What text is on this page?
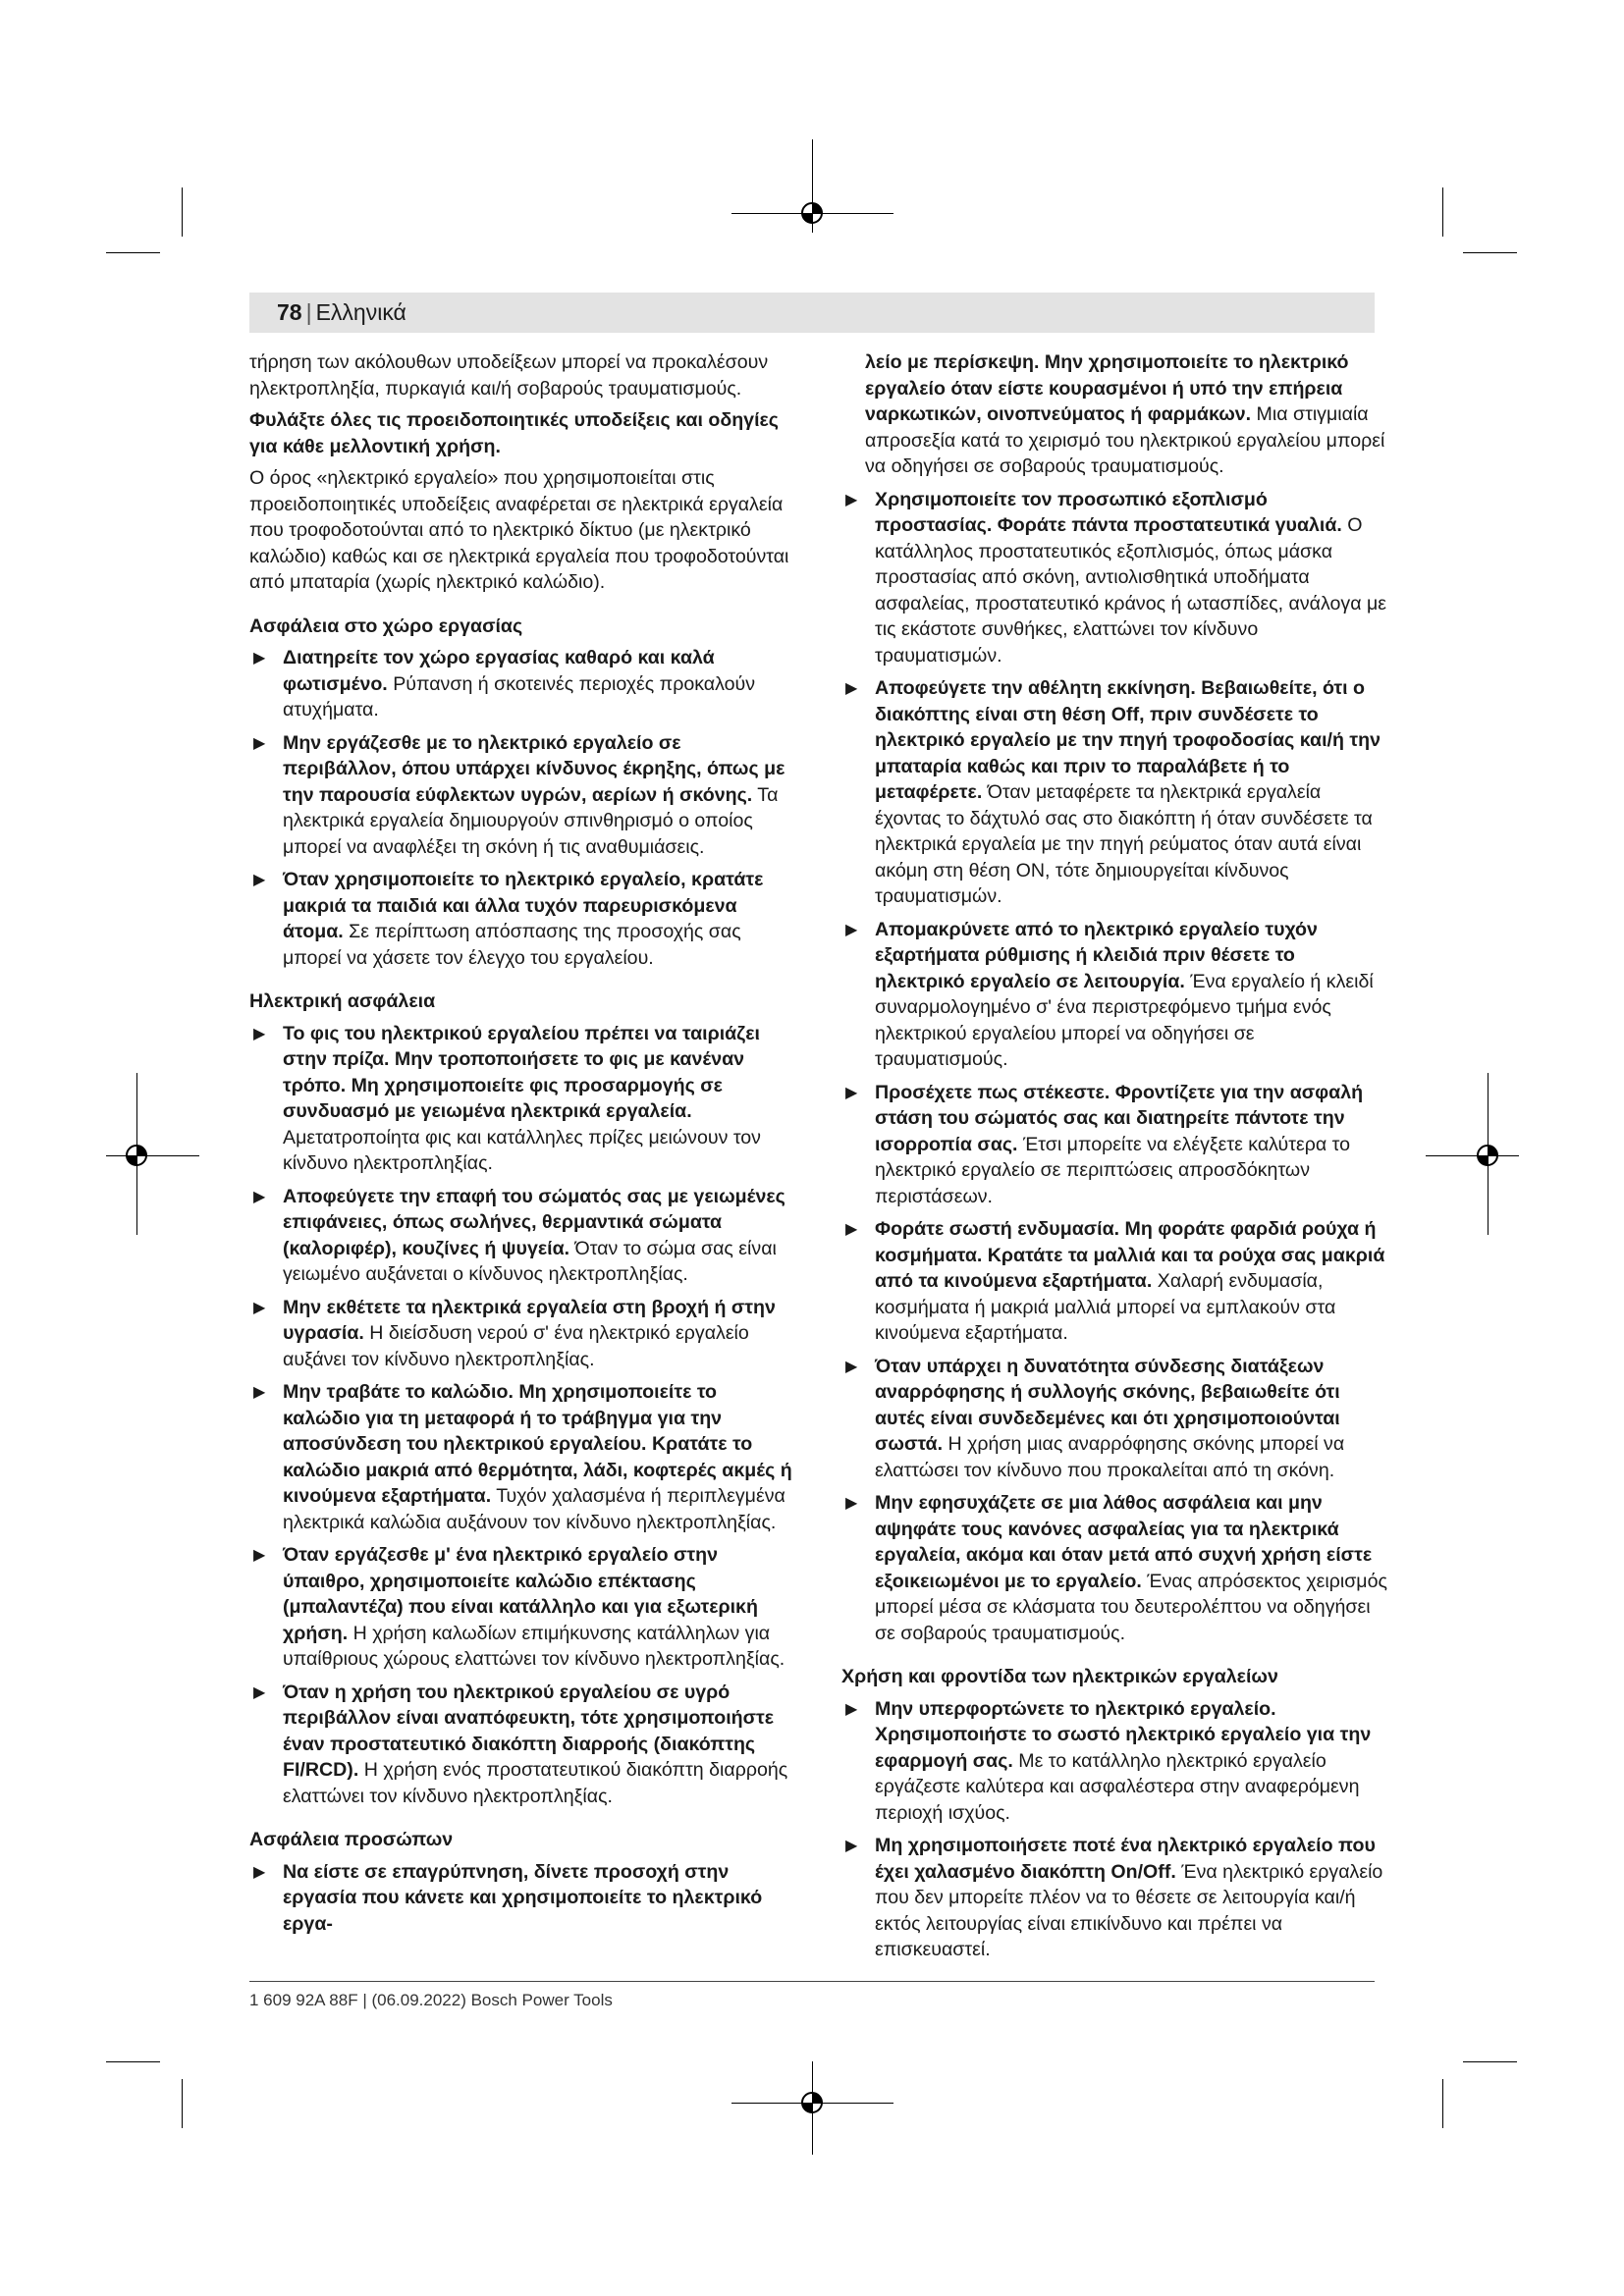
78 | Ελληνικά

τήρηση των ακόλουθων υποδείξεων μπορεί να προκαλέσουν ηλεκτροπληξία, πυρκαγιά και/ή σοβαρούς τραυματισμούς.

Φυλάξτε όλες τις προειδοποιητικές υποδείξεις και οδηγίες για κάθε μελλοντική χρήση.

Ο όρος «ηλεκτρικό εργαλείο» που χρησιμοποιείται στις προειδοποιητικές υποδείξεις αναφέρεται σε ηλεκτρικά εργαλεία που τροφοδοτούνται από το ηλεκτρικό δίκτυο (με ηλεκτρικό καλώδιο) καθώς και σε ηλεκτρικά εργαλεία που τροφοδοτούνται από μπαταρία (χωρίς ηλεκτρικό καλώδιο).

Ασφάλεια στο χώρο εργασίας
▶ Διατηρείτε τον χώρο εργασίας καθαρό και καλά φωτισμένο. Ρύπανση ή σκοτεινές περιοχές προκαλούν ατυχήματα.
▶ Μην εργάζεσθε με το ηλεκτρικό εργαλείο σε περιβάλλον, όπου υπάρχει κίνδυνος έκρηξης, όπως με την παρουσία εύφλεκτων υγρών, αερίων ή σκόνης. Τα ηλεκτρικά εργαλεία δημιουργούν σπινθηρισμό ο οποίος μπορεί να αναφλέξει τη σκόνη ή τις αναθυμιάσεις.
▶ Όταν χρησιμοποιείτε το ηλεκτρικό εργαλείο, κρατάτε μακριά τα παιδιά και άλλα τυχόν παρευρισκόμενα άτομα. Σε περίπτωση απόσπασης της προσοχής σας μπορεί να χάσετε τον έλεγχο του εργαλείου.
Ηλεκτρική ασφάλεια
▶ Το φις του ηλεκτρικού εργαλείου πρέπει να ταιριάζει στην πρίζα. Μην τροποποιήσετε το φις με κανέναν τρόπο. Μη χρησιμοποιείτε φις προσαρμογής σε συνδυασμό με γειωμένα ηλεκτρικά εργαλεία. Αμετατροποίητα φις και κατάλληλες πρίζες μειώνουν τον κίνδυνο ηλεκτροπληξίας.
▶ Αποφεύγετε την επαφή του σώματός σας με γειωμένες επιφάνειες, όπως σωλήνες, θερμαντικά σώματα (καλοριφέρ), κουζίνες ή ψυγεία. Όταν το σώμα σας είναι γειωμένο αυξάνεται ο κίνδυνος ηλεκτροπληξίας.
▶ Μην εκθέτετε τα ηλεκτρικά εργαλεία στη βροχή ή στην υγρασία. Η διείσδυση νερού σ' ένα ηλεκτρικό εργαλείο αυξάνει τον κίνδυνο ηλεκτροπληξίας.
▶ Μην τραβάτε το καλώδιο. Μη χρησιμοποιείτε το καλώδιο για τη μεταφορά ή το τράβηγμα για την αποσύνδεση του ηλεκτρικού εργαλείου. Κρατάτε το καλώδιο μακριά από θερμότητα, λάδι, κοφτερές ακμές ή κινούμενα εξαρτήματα. Τυχόν χαλασμένα ή περιπλεγμένα ηλεκτρικά καλώδια αυξάνουν τον κίνδυνο ηλεκτροπληξίας.
▶ Όταν εργάζεσθε μ' ένα ηλεκτρικό εργαλείο στην ύπαιθρο, χρησιμοποιείτε καλώδιο επέκτασης (μπαλαντέζα) που είναι κατάλληλο και για εξωτερική χρήση. Η χρήση καλωδίων επιμήκυνσης κατάλληλων για υπαίθριους χώρους ελαττώνει τον κίνδυνο ηλεκτροπληξίας.
▶ Όταν η χρήση του ηλεκτρικού εργαλείου σε υγρό περιβάλλον είναι αναπόφευκτη, τότε χρησιμοποιήστε έναν προστατευτικό διακόπτη διαρροής (διακόπτης FI/RCD). Η χρήση ενός προστατευτικού διακόπτη διαρροής ελαττώνει τον κίνδυνο ηλεκτροπληξίας.
Ασφάλεια προσώπων
▶ Να είστε σε επαγρύπνηση, δίνετε προσοχή στην εργασία που κάνετε και χρησιμοποιείτε το ηλεκτρικό εργα-
λείο με περίσκεψη. Μην χρησιμοποιείτε το ηλεκτρικό εργαλείο όταν είστε κουρασμένοι ή υπό την επήρεια ναρκωτικών, οινοπνεύματος ή φαρμάκων. Μια στιγμιαία απροσεξία κατά το χειρισμό του ηλεκτρικού εργαλείου μπορεί να οδηγήσει σε σοβαρούς τραυματισμούς.
▶ Χρησιμοποιείτε τον προσωπικό εξοπλισμό προστασίας. Φοράτε πάντα προστατευτικά γυαλιά. Ο κατάλληλος προστατευτικός εξοπλισμός, όπως μάσκα προστασίας από σκόνη, αντιολισθητικά υποδήματα ασφαλείας, προστατευτικό κράνος ή ωτασπίδες, ανάλογα με τις εκάστοτε συνθήκες, ελαττώνει τον κίνδυνο τραυματισμών.
▶ Αποφεύγετε την αθέλητη εκκίνηση. Βεβαιωθείτε, ότι ο διακόπτης είναι στη θέση Off, πριν συνδέσετε το ηλεκτρικό εργαλείο με την πηγή τροφοδοσίας και/ή την μπαταρία καθώς και πριν το παραλάβετε ή το μεταφέρετε. Όταν μεταφέρετε τα ηλεκτρικά εργαλεία έχοντας το δάχτυλό σας στο διακόπτη ή όταν συνδέσετε τα ηλεκτρικά εργαλεία με την πηγή ρεύματος όταν αυτά είναι ακόμη στη θέση ON, τότε δημιουργείται κίνδυνος τραυματισμών.
▶ Απομακρύνετε από το ηλεκτρικό εργαλείο τυχόν εξαρτήματα ρύθμισης ή κλειδιά πριν θέσετε το ηλεκτρικό εργαλείο σε λειτουργία. Ένα εργαλείο ή κλειδί συναρμολογημένο σ' ένα περιστρεφόμενο τμήμα ενός ηλεκτρικού εργαλείου μπορεί να οδηγήσει σε τραυματισμούς.
▶ Προσέχετε πως στέκεστε. Φροντίζετε για την ασφαλή στάση του σώματός σας και διατηρείτε πάντοτε την ισορροπία σας. Έτσι μπορείτε να ελέγξετε καλύτερα το ηλεκτρικό εργαλείο σε περιπτώσεις απροσδόκητων περιστάσεων.
▶ Φοράτε σωστή ενδυμασία. Μη φοράτε φαρδιά ρούχα ή κοσμήματα. Κρατάτε τα μαλλιά και τα ρούχα σας μακριά από τα κινούμενα εξαρτήματα. Χαλαρή ενδυμασία, κοσμήματα ή μακριά μαλλιά μπορεί να εμπλακούν στα κινούμενα εξαρτήματα.
▶ Όταν υπάρχει η δυνατότητα σύνδεσης διατάξεων αναρρόφησης ή συλλογής σκόνης, βεβαιωθείτε ότι αυτές είναι συνδεδεμένες και ότι χρησιμοποιούνται σωστά. Η χρήση μιας αναρρόφησης σκόνης μπορεί να ελαττώσει τον κίνδυνο που προκαλείται από τη σκόνη.
▶ Μην εφησυχάζετε σε μια λάθος ασφάλεια και μην αψηφάτε τους κανόνες ασφαλείας για τα ηλεκτρικά εργαλεία, ακόμα και όταν μετά από συχνή χρήση είστε εξοικειωμένοι με το εργαλείο. Ένας απρόσεκτος χειρισμός μπορεί μέσα σε κλάσματα του δευτερολέπτου να οδηγήσει σε σοβαρούς τραυματισμούς.
Χρήση και φροντίδα των ηλεκτρικών εργαλείων
▶ Μην υπερφορτώνετε το ηλεκτρικό εργαλείο. Χρησιμοποιήστε το σωστό ηλεκτρικό εργαλείο για την εφαρμογή σας. Με το κατάλληλο ηλεκτρικό εργαλείο εργάζεστε καλύτερα και ασφαλέστερα στην αναφερόμενη περιοχή ισχύος.
▶ Μη χρησιμοποιήσετε ποτέ ένα ηλεκτρικό εργαλείο που έχει χαλασμένο διακόπτη On/Off. Ένα ηλεκτρικό εργαλείο που δεν μπορείτε πλέον να το θέσετε σε λειτουργία και/ή εκτός λειτουργίας είναι επικίνδυνο και πρέπει να επισκευαστεί.
1 609 92A 88F | (06.09.2022) Bosch Power Tools
